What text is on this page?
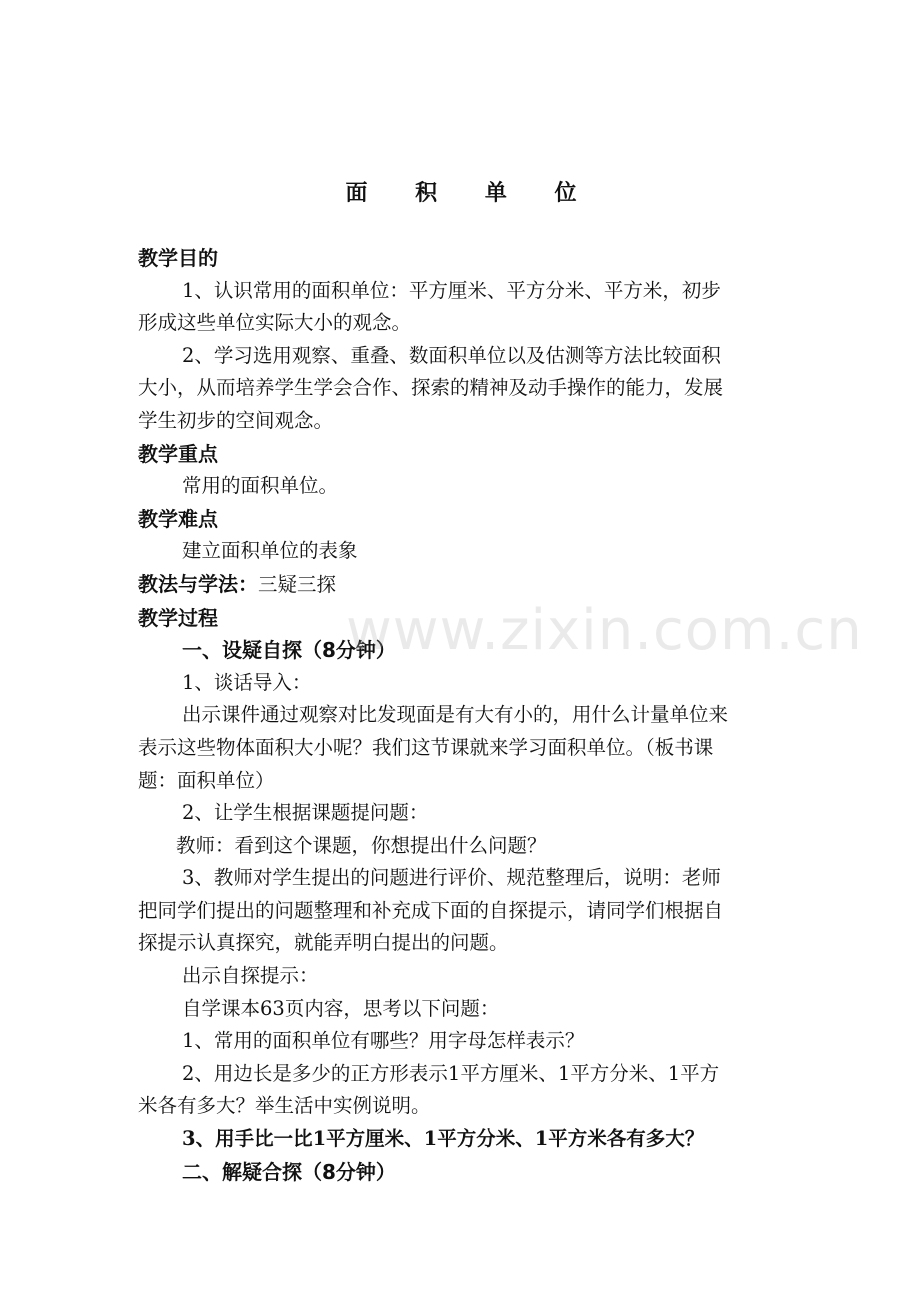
面 积 单 位
教学目的
1、认识常用的面积单位：平方厘米、平方分米、平方米，初步
形成这些单位实际大小的观念。
2、学习选用观察、重叠、数面积单位以及估测等方法比较面积
大小，从而培养学生学会合作、探索的精神及动手操作的能力，发展
学生初步的空间观念。
教学重点
常用的面积单位。
教学难点
建立面积单位的表象
教法与学法：三疑三探
教学过程
一、设疑自探（8分钟）
1、谈话导入：
出示课件通过观察对比发现面是有大有小的，用什么计量单位来
表示这些物体面积大小呢？我们这节课就来学习面积单位。（板书课
题：面积单位）
2、让学生根据课题提问题：
教师：看到这个课题，你想提出什么问题？
3、教师对学生提出的问题进行评价、规范整理后，说明：老师
把同学们提出的问题整理和补充成下面的自探提示，请同学们根据自
探提示认真探究，就能弄明白提出的问题。
出示自探提示：
自学课本63页内容，思考以下问题：
1、常用的面积单位有哪些？用字母怎样表示？
2、用边长是多少的正方形表示1平方厘米、1平方分米、1平方
米各有多大？举生活中实例说明。
3、用手比一比1平方厘米、1平方分米、1平方米各有多大？
二、解疑合探（8分钟）
www.zixin.com.cn
